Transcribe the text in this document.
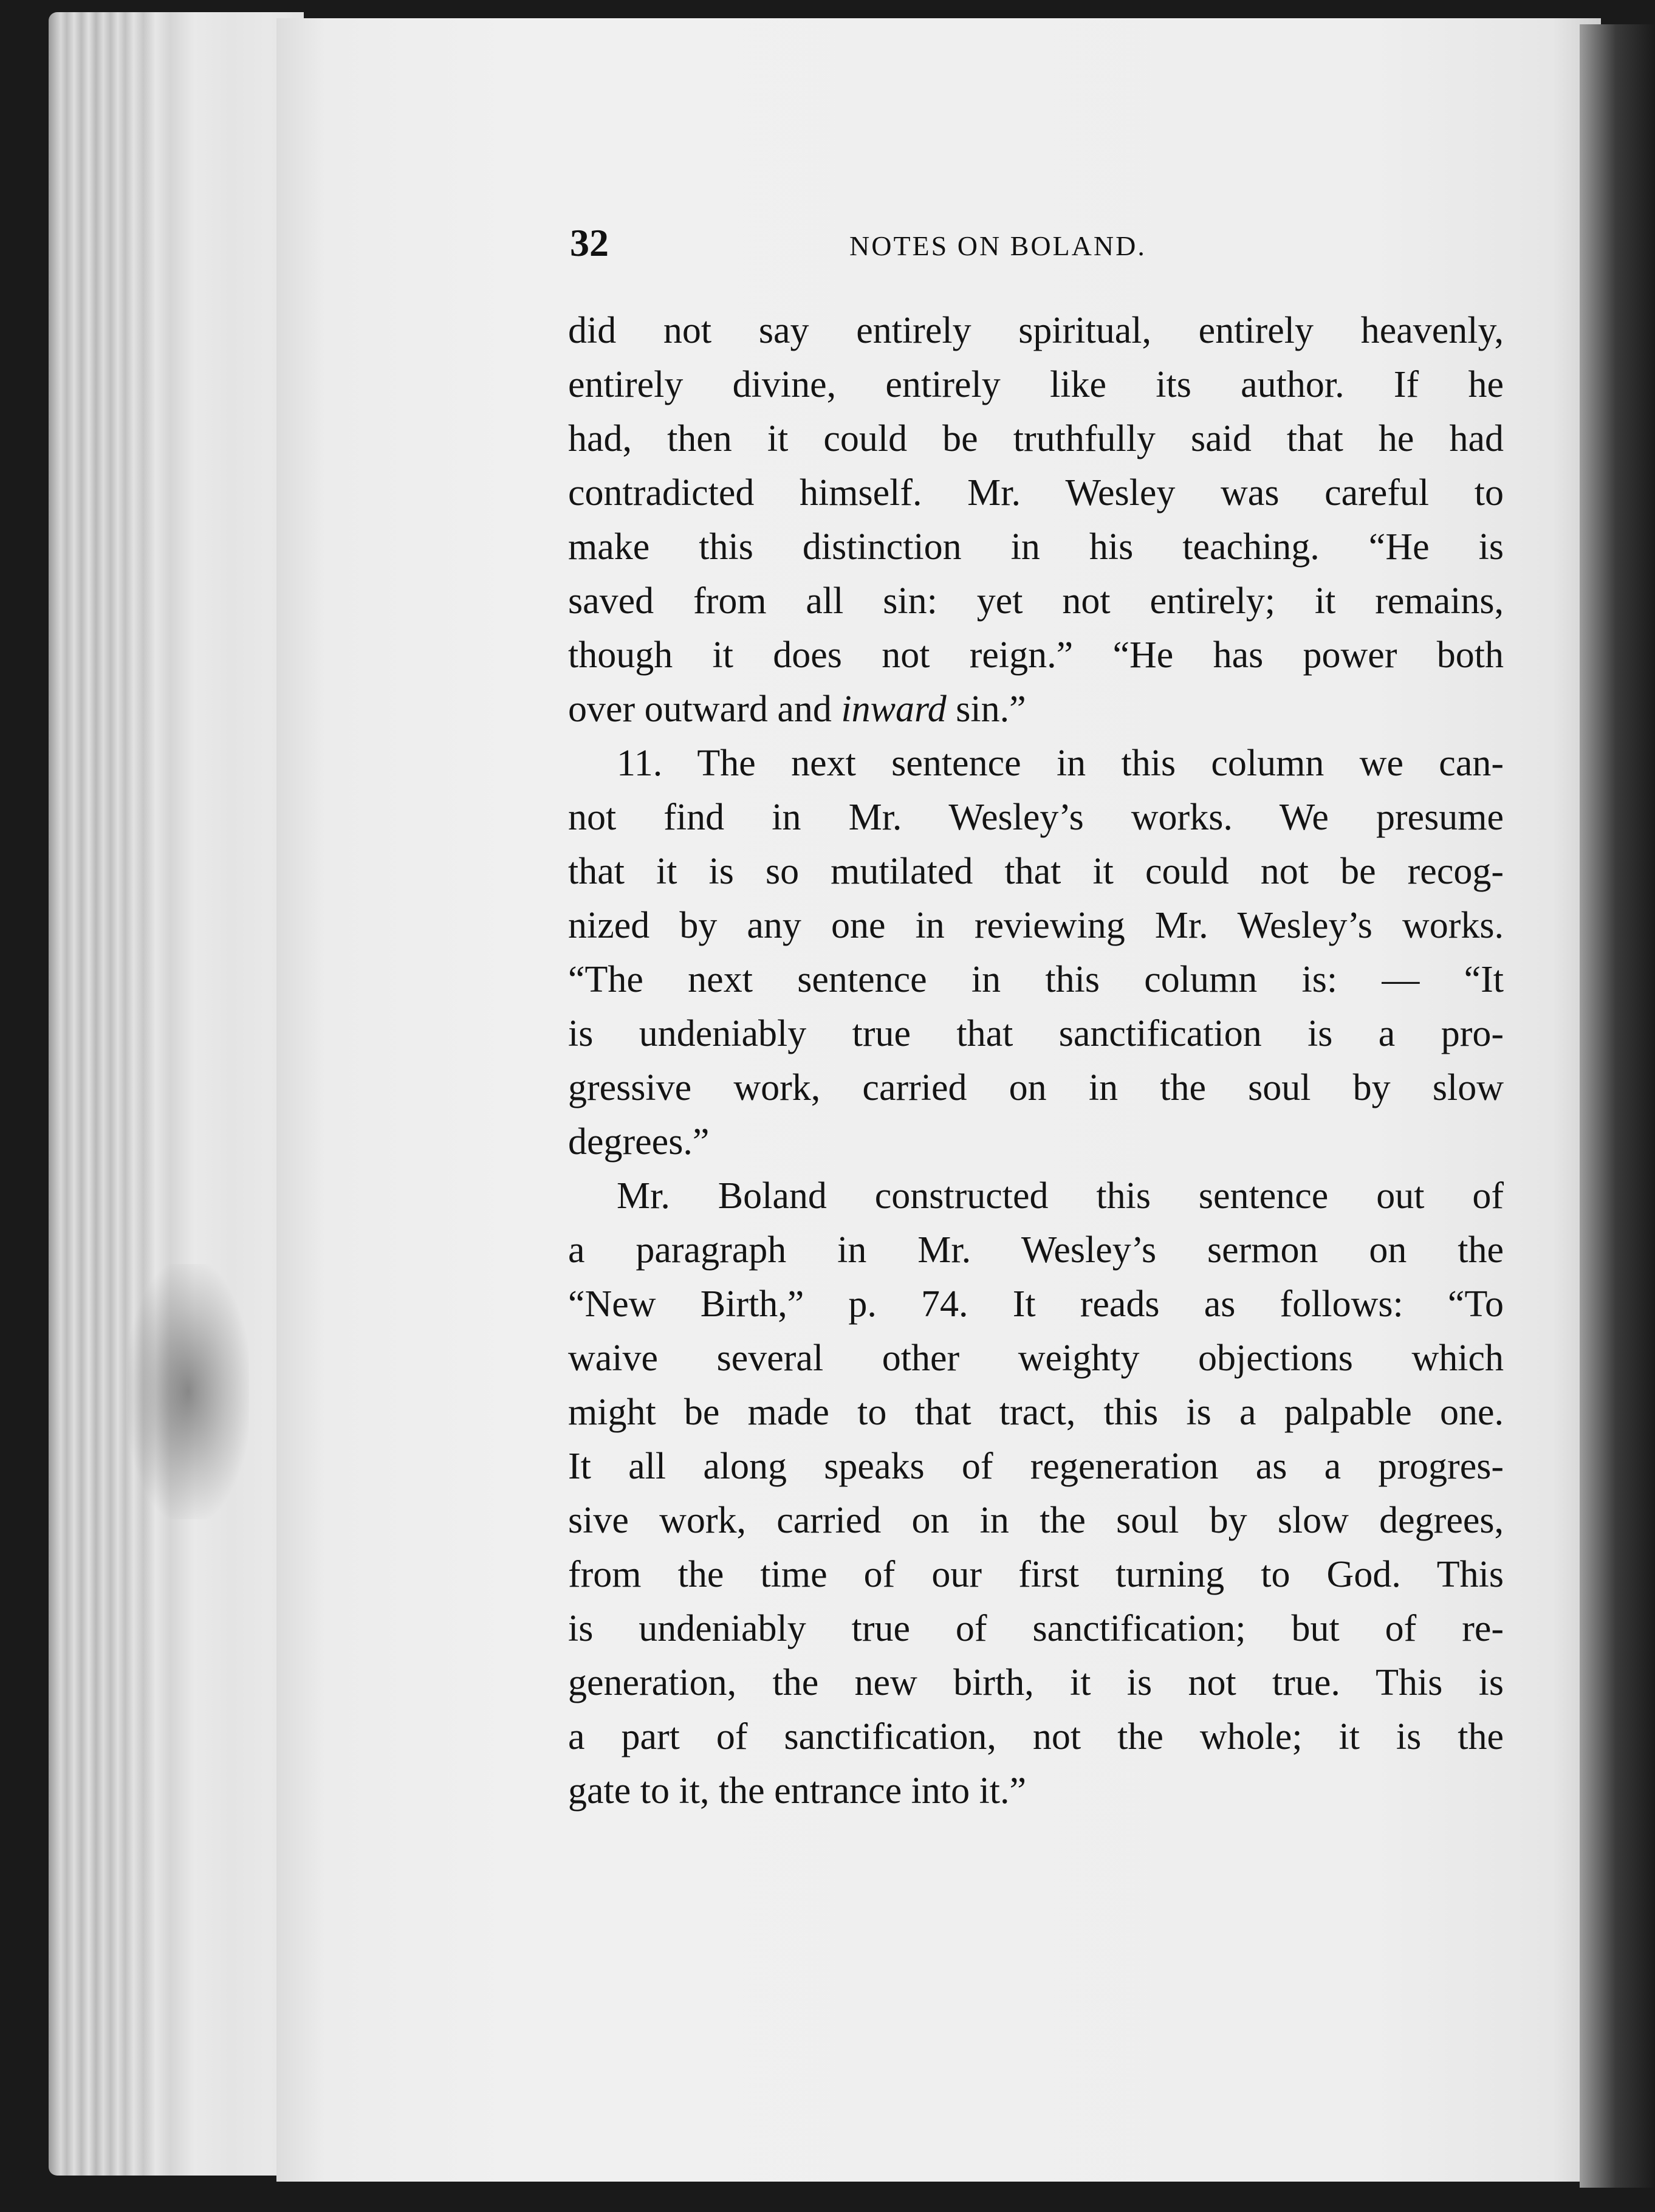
32	NOTES ON BOLAND.
did not say entirely spiritual, entirely heavenly,
entirely divine, entirely like its author. If he
had, then it could be truthfully said that he had
contradicted himself. Mr. Wesley was careful to
make this distinction in his teaching. “He is
saved from all sin: yet not entirely; it remains,
though it does not reign.” “He has power both
over outward and inward sin.”
11. The next sentence in this column we can-
not find in Mr. Wesley’s works. We presume
that it is so mutilated that it could not be recog-
nized by any one in reviewing Mr. Wesley’s works.
“The next sentence in this column is: — “It
is undeniably true that sanctification is a pro-
gressive work, carried on in the soul by slow
degrees.”
Mr. Boland constructed this sentence out of
a paragraph in Mr. Wesley’s sermon on the
“New Birth,” p. 74. It reads as follows: “To
waive several other weighty objections which
might be made to that tract, this is a palpable one.
It all along speaks of regeneration as a progres-
sive work, carried on in the soul by slow degrees,
from the time of our first turning to God. This
is undeniably true of sanctification; but of re-
generation, the new birth, it is not true. This is
a part of sanctification, not the whole; it is the
gate to it, the entrance into it.”
